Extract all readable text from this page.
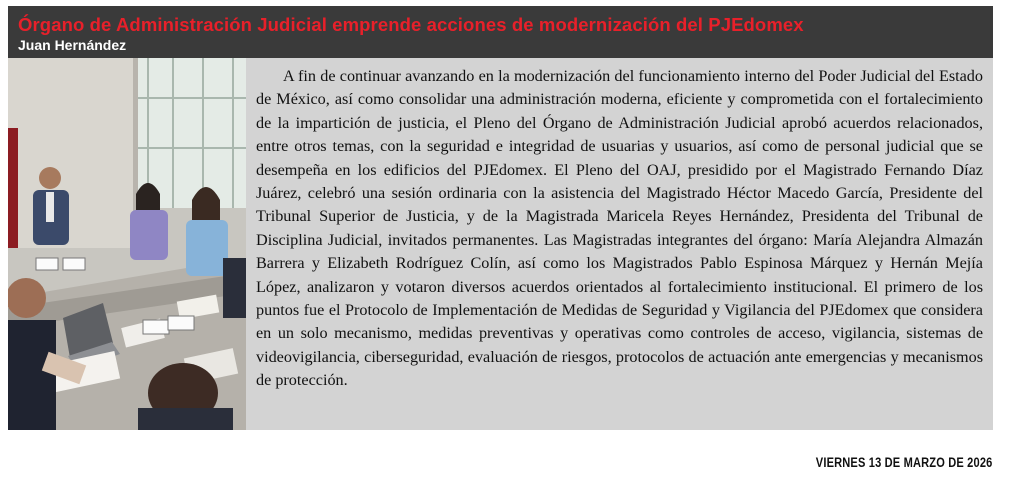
Órgano de Administración Judicial emprende acciones de modernización del PJEdomex
Juan Hernández

A fin de continuar avanzando en la modernización del funcionamiento interno del Poder Judicial del Estado de México, así como consolidar una administración moderna, eficiente y comprometida con el fortalecimiento de la impartición de justicia, el Pleno del Órgano de Administración Judicial aprobó acuerdos relacionados, entre otros temas, con la seguridad e integridad de usuarias y usuarios, así como de personal judicial que se desempeña en los edificios del PJEdomex. El Pleno del OAJ, presidido por el Magistrado Fernando Díaz Juárez, celebró una sesión ordinaria con la asistencia del Magistrado Héctor Macedo García, Presidente del Tribunal Superior de Justicia, y de la Magistrada Maricela Reyes Hernández, Presidenta del Tribunal de Disciplina Judicial, invitados permanentes. Las Magistradas integrantes del órgano: María Alejandra Almazán Barrera y Elizabeth Rodríguez Colín, así como los Magistrados Pablo Espinosa Márquez y Hernán Mejía López, analizaron y votaron diversos acuerdos orientados al fortalecimiento institucional. El primero de los puntos fue el Protocolo de Implementación de Medidas de Seguridad y Vigilancia del PJEdomex que considera en un solo mecanismo, medidas preventivas y operativas como controles de acceso, vigilancia, sistemas de videovigilancia, ciberseguridad, evaluación de riesgos, protocolos de actuación ante emergencias y mecanismos de protección.

VIERNES 13 DE MARZO DE 2026
